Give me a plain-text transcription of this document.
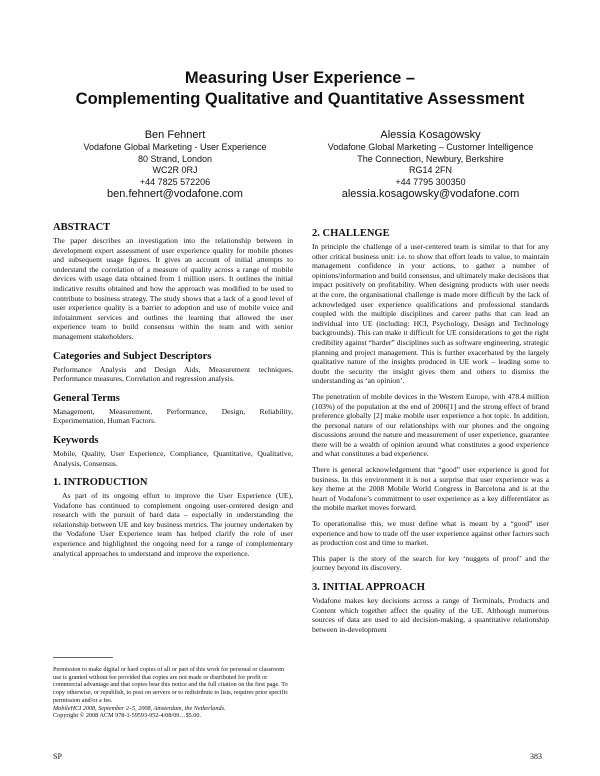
Measuring User Experience –
Complementing Qualitative and Quantitative Assessment
Ben Fehnert
Vodafone Global Marketing - User Experience
80 Strand, London
WC2R 0RJ
+44 7825 572206
ben.fehnert@vodafone.com
Alessia Kosagowsky
Vodafone Global Marketing – Customer Intelligence
The Connection, Newbury, Berkshire
RG14 2FN
+44 7795 300350
alessia.kosagowsky@vodafone.com
ABSTRACT

The paper describes an investigation into the relationship between in development expert assessment of user experience quality for mobile phones and subsequent usage figures. It gives an account of initial attempts to understand the correlation of a measure of quality across a range of mobile devices with usage data obtained from 1 million users. It outlines the initial indicative results obtained and how the approach was modified to be used to contribute to business strategy. The study shows that a lack of a good level of user experience quality is a barrier to adoption and use of mobile voice and infotainment services and outlines the learning that allowed the user experience team to build consensus within the team and with senior management stakeholders.

Categories and Subject Descriptors

Performance Analysis and Design Aids, Measurement techniques, Performance measures, Correlation and regression analysis.

General Terms

Management, Measurement, Performance, Design, Reliability, Experimentation, Human Factors.

Keywords

Mobile, Quality, User Experience, Compliance, Quantitative, Qualitative, Analysis, Consensus.

1. INTRODUCTION

As part of its ongoing effort to improve the User Experience (UE), Vodafone has continued to complement ongoing user-centered design and research with the pursuit of hard data – especially in understanding the relationship between UE and key business metrics. The journey undertaken by the Vodafone User Experience team has helped clarify the role of user experience and highlighted the ongoing need for a range of complementary analytical approaches to understand and improve the experience.

Permission to make digital or hard copies of all or part of this work for personal or classroom use is granted without fee provided that copies are not made or distributed for profit or commercial advantage and that copies bear this notice and the full citation on the first page. To copy otherwise, or republish, to post on servers or to redistribute to lists, requires prior specific permission and/or a fee.

MobileHCI 2008, September 2–5, 2008, Amsterdam, the Netherlands.

Copyright © 2008 ACM 978-1-59593-952-4/08/09…$5.00.

2. CHALLENGE

In principle the challenge of a user-centered team is similar to that for any other critical business unit: i.e. to show that effort leads to value, to maintain management confidence in your actions, to gather a number of opinions/information and build consensus, and ultimately make decisions that impact positively on profitability. When designing products with user needs at the core, the organisational challenge is made more difficult by the lack of acknowledged user experience qualifications and professional standards coupled with the multiple disciplines and career paths that can lead an individual into UE (including: HCI, Psychology, Design and Technology backgrounds). This can make it difficult for UE considerations to get the right credibility against “harder” disciplines such as software engineering, strategic planning and project management. This is further exacerbated by the largely qualitative nature of the insights produced in UE work – leading some to doubt the security the insight gives them and others to dismiss the understanding as ‘an opinion’.

The penetration of mobile devices in the Western Europe, with 478.4 million (103%) of the population at the end of 2006[1] and the strong effect of brand preference globally [2] make mobile user experience a hot topic. In addition, the personal nature of our relationships with our phones and the ongoing discussions around the nature and measurement of user experience, guarantee there will be a wealth of opinion around what constitutes a good experience and what constitutes a bad experience.

There is general acknowledgement that “good” user experience is good for business. In this environment it is not a surprise that user experience was a key theme at the 2008 Mobile World Congress in Barcelona and is at the heart of Vodafone’s commitment to user experience as a key differentiator as the mobile market moves forward.

To operationalise this, we must define what is meant by a “good” user experience and how to trade off the user experience against other factors such as production cost and time to market.

This paper is the story of the search for key ‘nuggets of proof’ and the journey beyond its discovery.

3. INITIAL APPROACH

Vodafone makes key decisions across a range of Terminals, Products and Content which together affect the quality of the UE. Although numerous sources of data are used to aid decision-making, a quantitative relationship between in-development

SP	383
